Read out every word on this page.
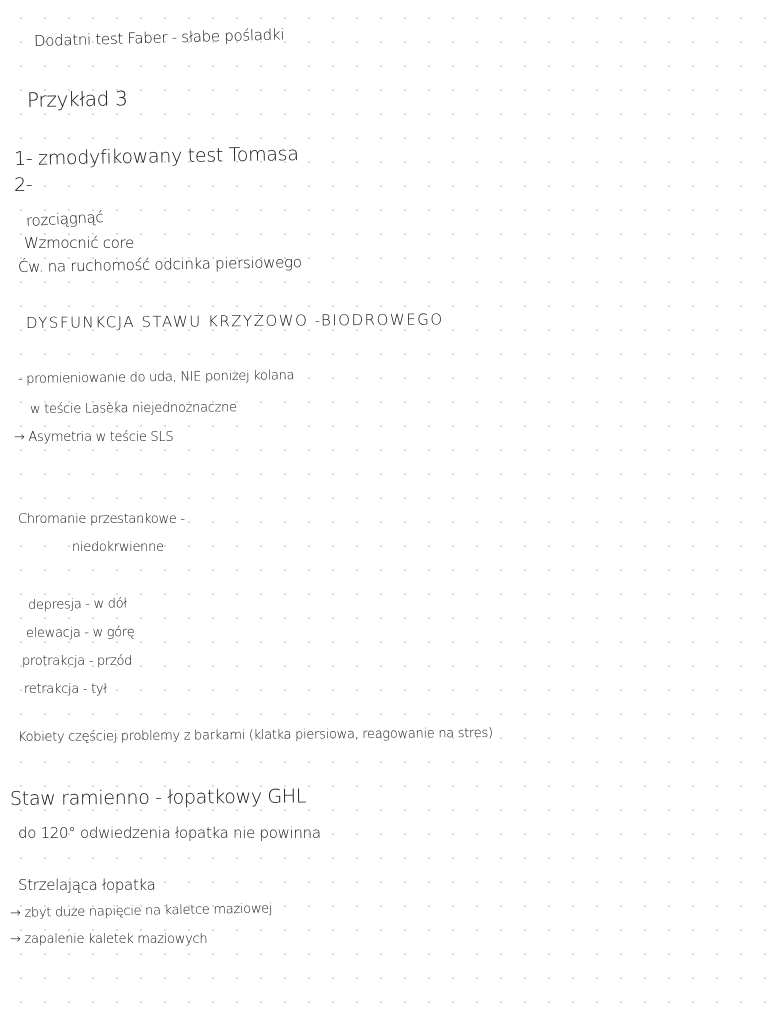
Dodatni test Faber - słabe pośladki
Przykład 3
1- zmodyfikowany test Tomasa
2-
rozciągnąć
Wzmocnić core
Ćw. na ruchomość odcinka piersiowego
DYSFUNKCJA STAWU KRZYŻOWO -BIODROWEGO
- promieniowanie do uda, NIE poniżej kolana
w teście Lasèka niejednoznaczne
→ Asymetria w teście SLS
Chromanie przestankowe -
niedokrwienne
depresja - w dół
elewacja - w górę
protrakcja - przód
retrakcja - tył
Kobiety częściej problemy z barkami (klatka piersiowa, reagowanie na stres)
Staw ramienno - łopatkowy GHL
do 120° odwiedzenia łopatka nie powinna
Strzelająca łopatka
→ zbyt duże napięcie na kaletce maziowej
→ zapalenie kaletek maziowych
